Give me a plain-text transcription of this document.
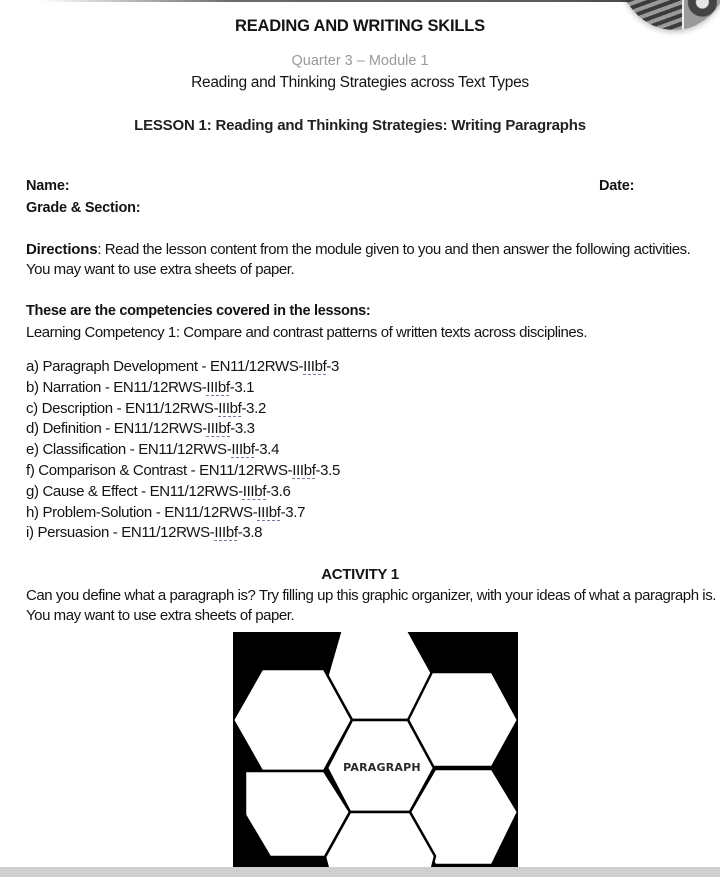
READING AND WRITING SKILLS
Quarter 3 – Module 1
Reading and Thinking Strategies across Text Types
LESSON 1: Reading and Thinking Strategies: Writing Paragraphs
Name:	Date:
Grade & Section:
Directions: Read the lesson content from the module given to you and then answer the following activities. You may want to use extra sheets of paper.
These are the competencies covered in the lessons:
Learning Competency 1: Compare and contrast patterns of written texts across disciplines.
a) Paragraph Development - EN11/12RWS-IIIbf-3
b) Narration - EN11/12RWS-IIIbf-3.1
c) Description - EN11/12RWS-IIIbf-3.2
d) Definition - EN11/12RWS-IIIbf-3.3
e) Classification - EN11/12RWS-IIIbf-3.4
f) Comparison & Contrast - EN11/12RWS-IIIbf-3.5
g) Cause & Effect - EN11/12RWS-IIIbf-3.6
h) Problem-Solution - EN11/12RWS-IIIbf-3.7
i) Persuasion - EN11/12RWS-IIIbf-3.8
ACTIVITY 1
Can you define what a paragraph is? Try filling up this graphic organizer, with your ideas of what a paragraph is. You may want to use extra sheets of paper.
PARAGRAPH
